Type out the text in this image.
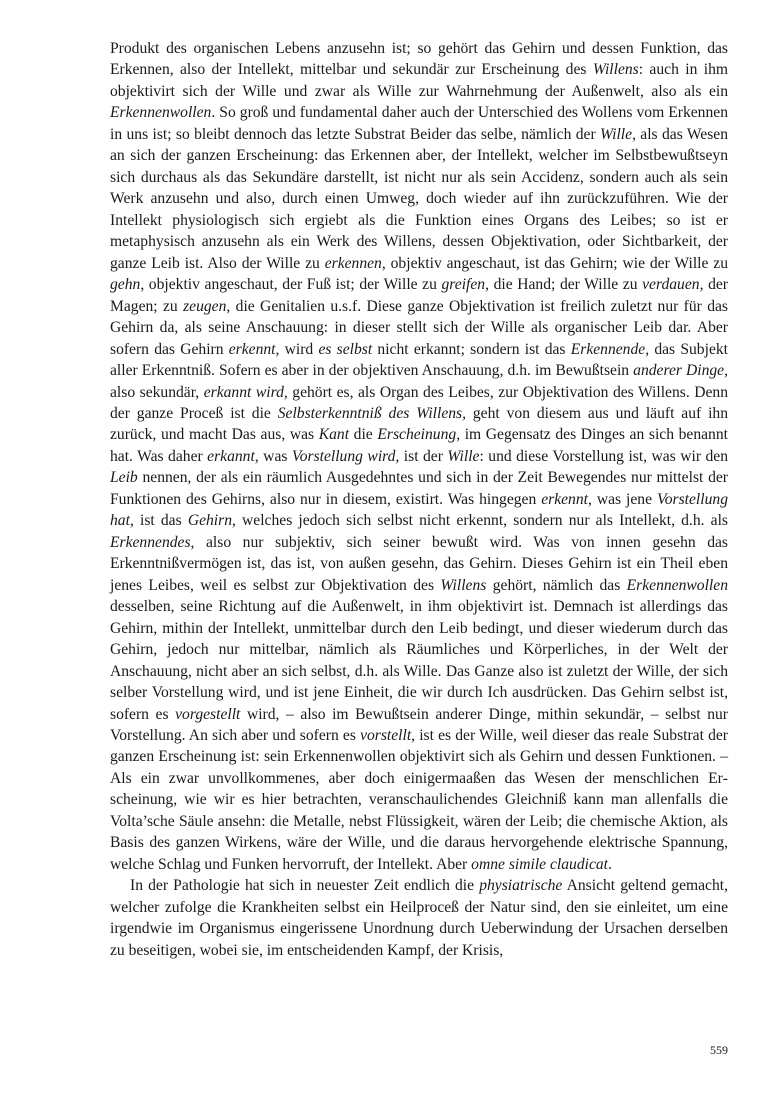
Produkt des organischen Lebens anzusehn ist; so gehört das Gehirn und dessen Funktion, das Erkennen, also der Intellekt, mittelbar und sekundär zur Erscheinung des Willens: auch in ihm objektivirt sich der Wille und zwar als Wille zur Wahrnehmung der Außenwelt, also als ein Erkennenwollen. So groß und fundamental daher auch der Unterschied des Wollens vom Erkennen in uns ist; so bleibt dennoch das letzte Substrat Beider das selbe, nämlich der Wille, als das Wesen an sich der ganzen Erscheinung: das Erkennen aber, der Intellekt, welcher im Selbstbewußtseyn sich durchaus als das Sekundäre darstellt, ist nicht nur als sein Accidenz, sondern auch als sein Werk anzusehn und also, durch einen Umweg, doch wieder auf ihn zurückzuführen. Wie der Intellekt physiologisch sich ergiebt als die Funktion eines Organs des Leibes; so ist er metaphysisch anzusehn als ein Werk des Willens, dessen Objektivation, oder Sichtbarkeit, der ganze Leib ist. Also der Wille zu erkennen, objektiv angeschaut, ist das Gehirn; wie der Wille zu gehn, objektiv angeschaut, der Fuß ist; der Wille zu greifen, die Hand; der Wille zu verdauen, der Magen; zu zeugen, die Genitalien u.s.f. Diese ganze Objektivation ist freilich zuletzt nur für das Gehirn da, als seine Anschauung: in dieser stellt sich der Wille als organischer Leib dar. Aber sofern das Gehirn erkennt, wird es selbst nicht erkannt; sondern ist das Erkennende, das Subjekt aller Erkenntniß. Sofern es aber in der objektiven Anschauung, d.h. im Bewußtsein anderer Dinge, also sekundär, erkannt wird, gehört es, als Organ des Leibes, zur Objektivation des Willens. Denn der ganze Proceß ist die Selbsterkenntniß des Willens, geht von diesem aus und läuft auf ihn zurück, und macht Das aus, was Kant die Erscheinung, im Gegensatz des Dinges an sich benannt hat. Was daher erkannt, was Vorstellung wird, ist der Wille: und diese Vorstellung ist, was wir den Leib nennen, der als ein räumlich Ausgedehntes und sich in der Zeit Bewegendes nur mittelst der Funktionen des Gehirns, also nur in diesem, existirt. Was hingegen erkennt, was jene Vorstellung hat, ist das Gehirn, welches jedoch sich selbst nicht erkennt, sondern nur als Intellekt, d.h. als Erkennendes, also nur subjektiv, sich seiner bewußt wird. Was von innen gesehn das Erkenntnißvermögen ist, das ist, von außen gesehn, das Gehirn. Dieses Gehirn ist ein Theil eben jenes Leibes, weil es selbst zur Objektivation des Willens gehört, nämlich das Erkennenwollen desselben, seine Richtung auf die Außenwelt, in ihm objektivirt ist. Demnach ist allerdings das Gehirn, mithin der Intellekt, unmittelbar durch den Leib bedingt, und dieser wiederum durch das Gehirn, jedoch nur mittelbar, nämlich als Räumliches und Körperliches, in der Welt der Anschauung, nicht aber an sich selbst, d.h. als Wille. Das Ganze also ist zuletzt der Wille, der sich selber Vorstellung wird, und ist jene Einheit, die wir durch Ich ausdrücken. Das Gehirn selbst ist, sofern es vorgestellt wird, – also im Bewußtsein anderer Dinge, mithin sekundär, – selbst nur Vorstellung. An sich aber und sofern es vorstellt, ist es der Wille, weil dieser das reale Substrat der ganzen Erscheinung ist: sein Erkennenwollen objektivirt sich als Gehirn und dessen Funktionen. – Als ein zwar unvollkommenes, aber doch einigermaaßen das Wesen der menschlichen Erscheinung, wie wir es hier betrachten, veranschaulichendes Gleichniß kann man allenfalls die Volta’sche Säule ansehn: die Metalle, nebst Flüssigkeit, wären der Leib; die chemische Aktion, als Basis des ganzen Wirkens, wäre der Wille, und die daraus hervorgehende elektrische Spannung, welche Schlag und Funken hervorruft, der Intellekt. Aber omne simile claudicat.

In der Pathologie hat sich in neuester Zeit endlich die physiatrische Ansicht geltend gemacht, welcher zufolge die Krankheiten selbst ein Heilproceß der Natur sind, den sie einleitet, um eine irgendwie im Organismus eingerissene Unordnung durch Ueberwindung der Ursachen derselben zu beseitigen, wobei sie, im entscheidenden Kampf, der Krisis,

559
